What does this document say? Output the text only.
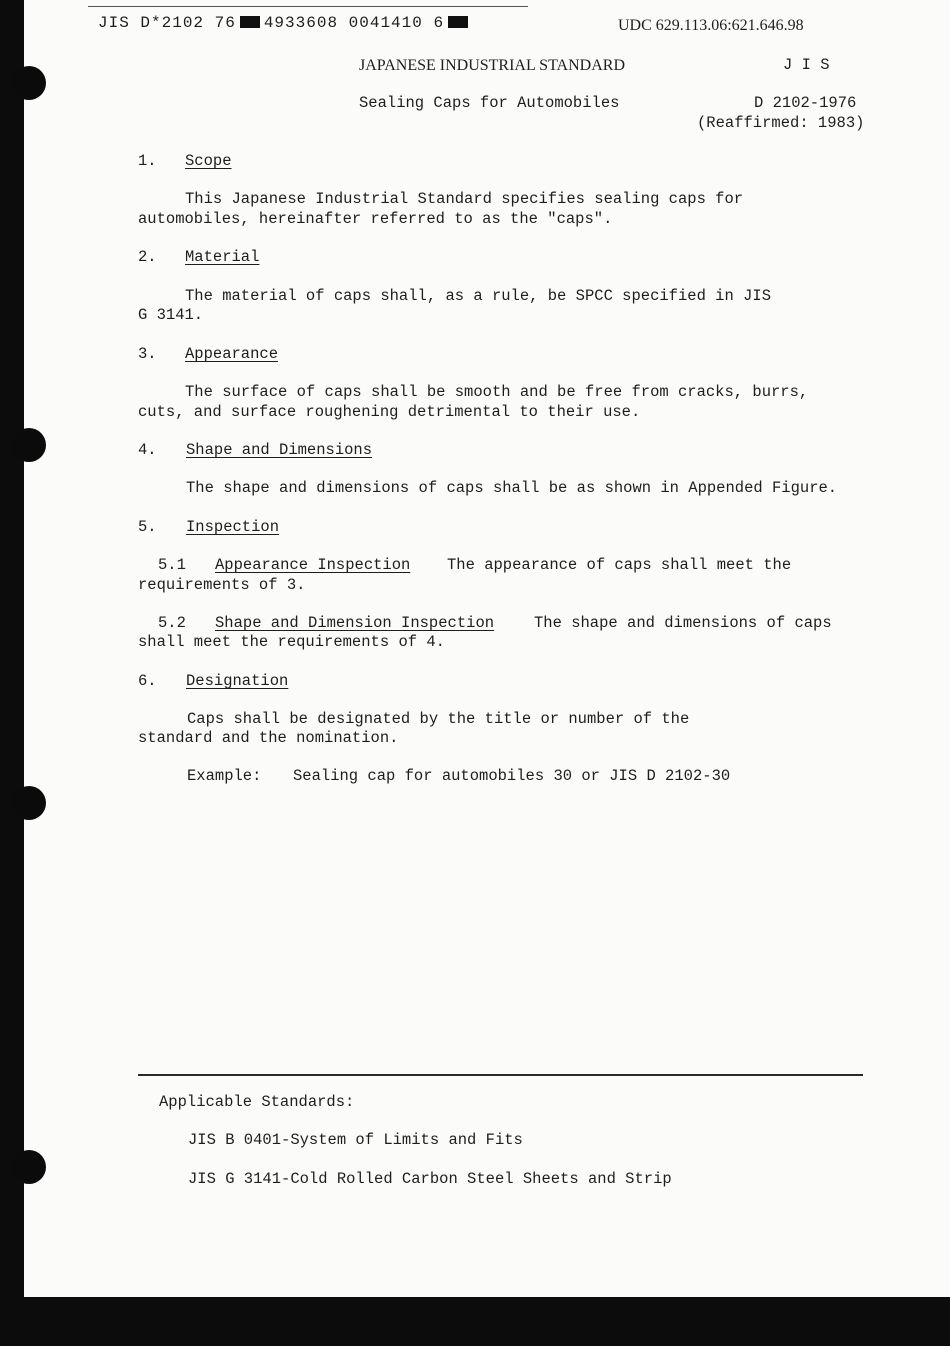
JIS D*2102 76 4933608 0041410 6	UDC 629.113.06:621.646.98
JAPANESE INDUSTRIAL STANDARD	J I S
Sealing Caps for Automobiles	D 2102-1976
(Reaffirmed: 1983)
1. Scope
This Japanese Industrial Standard specifies sealing caps for
automobiles, hereinafter referred to as the "caps".
2. Material
The material of caps shall, as a rule, be SPCC specified in JIS
G 3141.
3. Appearance
The surface of caps shall be smooth and be free from cracks, burrs,
cuts, and surface roughening detrimental to their use.
4. Shape and Dimensions
The shape and dimensions of caps shall be as shown in Appended Figure.
5. Inspection
5.1 Appearance Inspection The appearance of caps shall meet the
requirements of 3.
5.2 Shape and Dimension Inspection	The shape and dimensions of caps
shall meet the requirements of 4.
6. Designation
Caps shall be designated by the title or number of the
standard and the nomination.
Example: Sealing cap for automobiles 30 or JIS D 2102-30
Applicable Standards:
JIS B 0401-System of Limits and Fits
JIS G 3141-Cold Rolled Carbon Steel Sheets and Strip
